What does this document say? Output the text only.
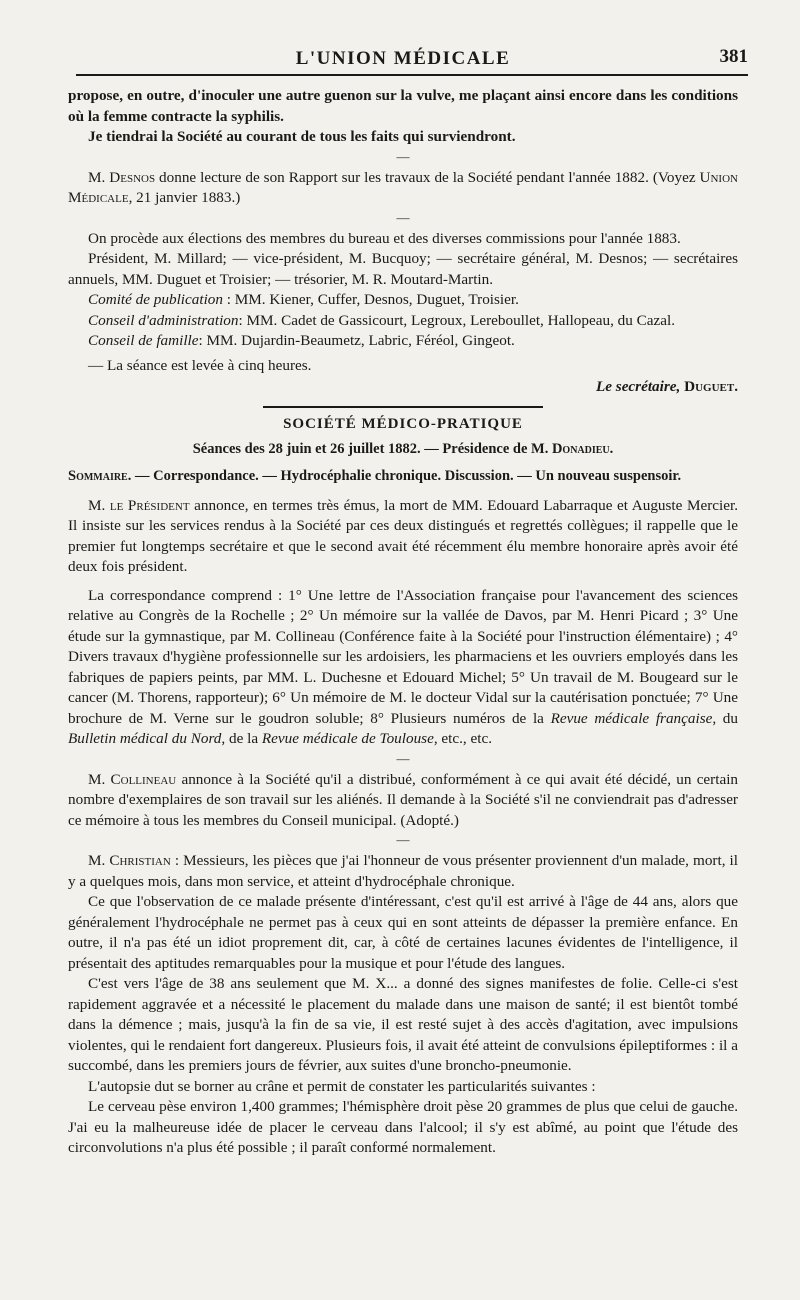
L'UNION MÉDICALE	381

propose, en outre, d'inoculer une autre guenon sur la vulve, me plaçant ainsi encore dans les conditions où la femme contracte la syphilis.

Je tiendrai la Société au courant de tous les faits qui surviendront.

—

M. Desnos donne lecture de son Rapport sur les travaux de la Société pendant l'année 1882. (Voyez Union Médicale, 21 janvier 1883.)

—

On procède aux élections des membres du bureau et des diverses commissions pour l'année 1883.

Président, M. Millard; — vice-président, M. Bucquoy; — secrétaire général, M. Desnos; — secrétaires annuels, MM. Duguet et Troisier; — trésorier, M. R. Moutard-Martin.

Comité de publication : MM. Kiener, Cuffer, Desnos, Duguet, Troisier.

Conseil d'administration: MM. Cadet de Gassicourt, Legroux, Lereboullet, Hallopeau, du Cazal.

Conseil de famille: MM. Dujardin-Beaumetz, Labric, Féréol, Gingeot.

— La séance est levée à cinq heures.

Le secrétaire, Duguet.
SOCIÉTÉ MÉDICO-PRATIQUE
Séances des 28 juin et 26 juillet 1882. — Présidence de M. Donadieu.

Sommaire. — Correspondance. — Hydrocéphalie chronique. Discussion. — Un nouveau suspensoir.

M. le Président annonce, en termes très émus, la mort de MM. Edouard Labarraque et Auguste Mercier. Il insiste sur les services rendus à la Société par ces deux distingués et regrettés collègues; il rappelle que le premier fut longtemps secrétaire et que le second avait été récemment élu membre honoraire après avoir été deux fois président.

La correspondance comprend : 1° Une lettre de l'Association française pour l'avancement des sciences relative au Congrès de la Rochelle ; 2° Un mémoire sur la vallée de Davos, par M. Henri Picard ; 3° Une étude sur la gymnastique, par M. Collineau (Conférence faite à la Société pour l'instruction élémentaire) ; 4° Divers travaux d'hygiène professionnelle sur les ardoisiers, les pharmaciens et les ouvriers employés dans les fabriques de papiers peints, par MM. L. Duchesne et Edouard Michel; 5° Un travail de M. Bougeard sur le cancer (M. Thorens, rapporteur); 6° Un mémoire de M. le docteur Vidal sur la cautérisation ponctuée; 7° Une brochure de M. Verne sur le goudron soluble; 8° Plusieurs numéros de la Revue médicale française, du Bulletin médical du Nord, de la Revue médicale de Toulouse, etc., etc.

—

M. Collineau annonce à la Société qu'il a distribué, conformément à ce qui avait été décidé, un certain nombre d'exemplaires de son travail sur les aliénés. Il demande à la Société s'il ne conviendrait pas d'adresser ce mémoire à tous les membres du Conseil municipal. (Adopté.)

—

M. Christian : Messieurs, les pièces que j'ai l'honneur de vous présenter proviennent d'un malade, mort, il y a quelques mois, dans mon service, et atteint d'hydrocéphale chronique.

Ce que l'observation de ce malade présente d'intéressant, c'est qu'il est arrivé à l'âge de 44 ans, alors que généralement l'hydrocéphale ne permet pas à ceux qui en sont atteints de dépasser la première enfance. En outre, il n'a pas été un idiot proprement dit, car, à côté de certaines lacunes évidentes de l'intelligence, il présentait des aptitudes remarquables pour la musique et pour l'étude des langues.

C'est vers l'âge de 38 ans seulement que M. X... a donné des signes manifestes de folie. Celle-ci s'est rapidement aggravée et a nécessité le placement du malade dans une maison de santé; il est bientôt tombé dans la démence ; mais, jusqu'à la fin de sa vie, il est resté sujet à des accès d'agitation, avec impulsions violentes, qui le rendaient fort dangereux. Plusieurs fois, il avait été atteint de convulsions épileptiformes : il a succombé, dans les premiers jours de février, aux suites d'une broncho-pneumonie.

L'autopsie dut se borner au crâne et permit de constater les particularités suivantes :

Le cerveau pèse environ 1,400 grammes; l'hémisphère droit pèse 20 grammes de plus que celui de gauche. J'ai eu la malheureuse idée de placer le cerveau dans l'alcool; il s'y est abîmé, au point que l'étude des circonvolutions n'a plus été possible ; il paraît conformé normalement.
